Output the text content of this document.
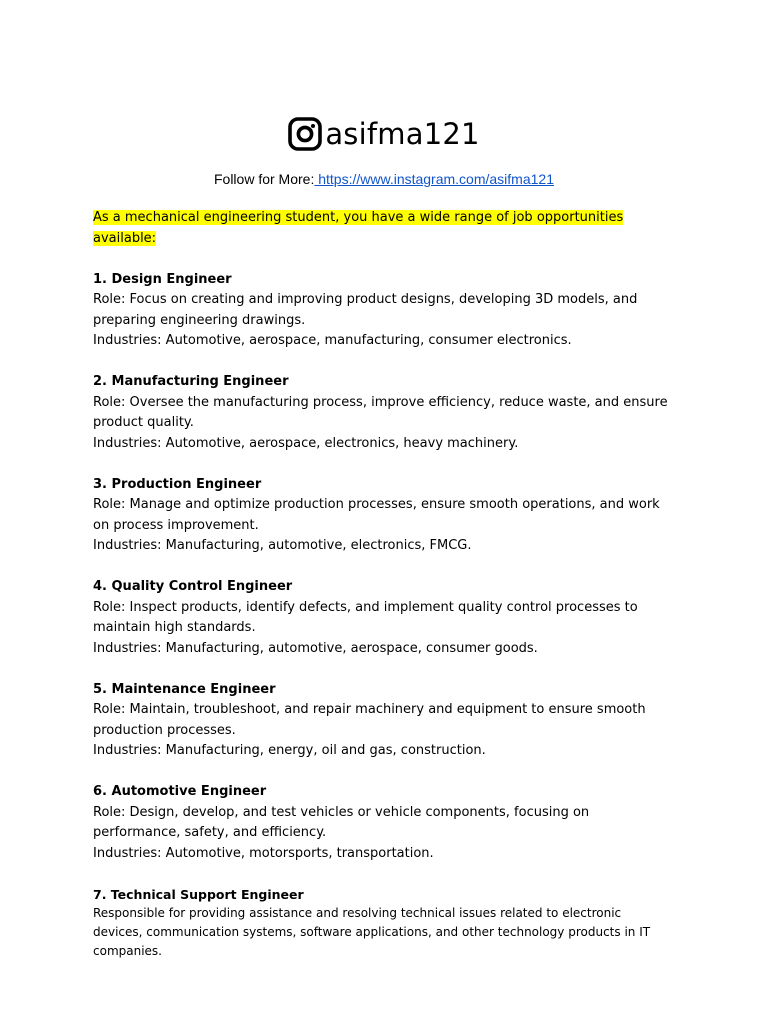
asifma121
Follow for More: https://www.instagram.com/asifma121

As a mechanical engineering student, you have a wide range of job opportunities available:

1. Design Engineer

Role: Focus on creating and improving product designs, developing 3D models, and preparing engineering drawings.

Industries: Automotive, aerospace, manufacturing, consumer electronics.

2. Manufacturing Engineer

Role: Oversee the manufacturing process, improve efficiency, reduce waste, and ensure product quality.

Industries: Automotive, aerospace, electronics, heavy machinery.

3. Production Engineer

Role: Manage and optimize production processes, ensure smooth operations, and work on process improvement.

Industries: Manufacturing, automotive, electronics, FMCG.

4. Quality Control Engineer

Role: Inspect products, identify defects, and implement quality control processes to maintain high standards.

Industries: Manufacturing, automotive, aerospace, consumer goods.

5. Maintenance Engineer

Role: Maintain, troubleshoot, and repair machinery and equipment to ensure smooth production processes.

Industries: Manufacturing, energy, oil and gas, construction.

6. Automotive Engineer

Role: Design, develop, and test vehicles or vehicle components, focusing on performance, safety, and efficiency.

Industries: Automotive, motorsports, transportation.

7. Technical Support Engineer

Responsible for providing assistance and resolving technical issues related to electronic devices, communication systems, software applications, and other technology products in IT companies.
